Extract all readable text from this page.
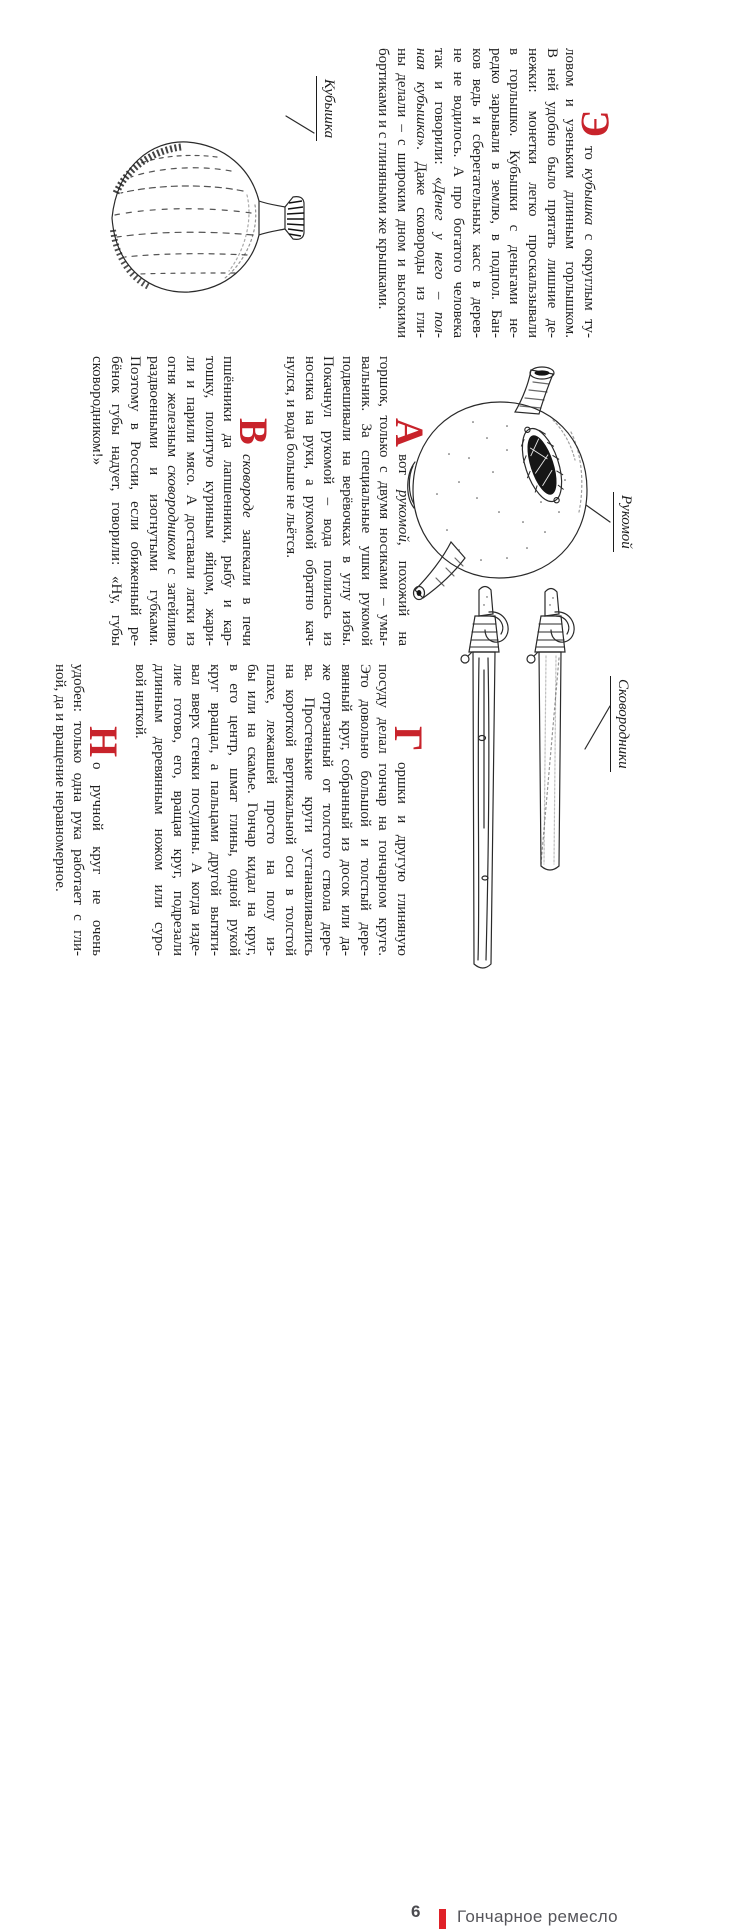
Э
то кубышка с округлым ту-
ловом и узеньким длинным горлышком.
В ней удобно было прятать лишние де-
нежки: монетки легко проскальзывали
в горлышко. Кубышки с деньгами не-
редко зарывали в землю, в подпол. Бан-
ков ведь и сберегательных касс в дерев-
не не водилось. А про богатого человека
так и говорили: «Денег у него – пол-
ная кубышка». Даже сковороды из гли-
ны делали – с широким дном и высокими
бортиками и с глиняными же крышками.
Кубышка
Рукомой
А
вот рукомой, похожий на
горшок, только с двумя носиками – умы-
вальник. За специальные ушки рукомой
подвешивали на верёвочках в углу избы.
Покачнул рукомой – вода полилась из
носика на руки, а рукомой обратно кач-
нулся, и вода больше не льётся.
В
сковороде запекали в печи
пшённики да лапшенники, рыбу и кар-
тошку, политую куриным яйцом, жари-
ли и парили мясо. А доставали латки из
огня железным сковородником с затейливо
раздвоенными и изогнутыми губками.
Поэтому в России, если обиженный ре-
бёнок губы надует, говорили: «Ну, губы
сковородником!»
Сковородники
Г
оршки и другую глиняную
посуду делал гончар на гончарном круге.
Это довольно большой и толстый дере-
вянный круг, собранный из досок или да-
же отрезанный от толстого ствола дере-
ва. Простенькие круги устанавливались
на короткой вертикальной оси в толстой
плахе, лежавшей просто на полу из-
бы или на скамье. Гончар кидал на круг,
в его центр, шмат глины, одной рукой
круг вращал, а пальцами другой вытяги-
вал вверх стенки посудины. А когда изде-
лие готово, его, вращая круг, подрезали
длинным деревянным ножом или суро-
вой ниткой.
Н
о ручной круг не очень
удобен: только одна рука работает с гли-
ной, да и вращение неравномерное.
6 Гончарное ремесло
